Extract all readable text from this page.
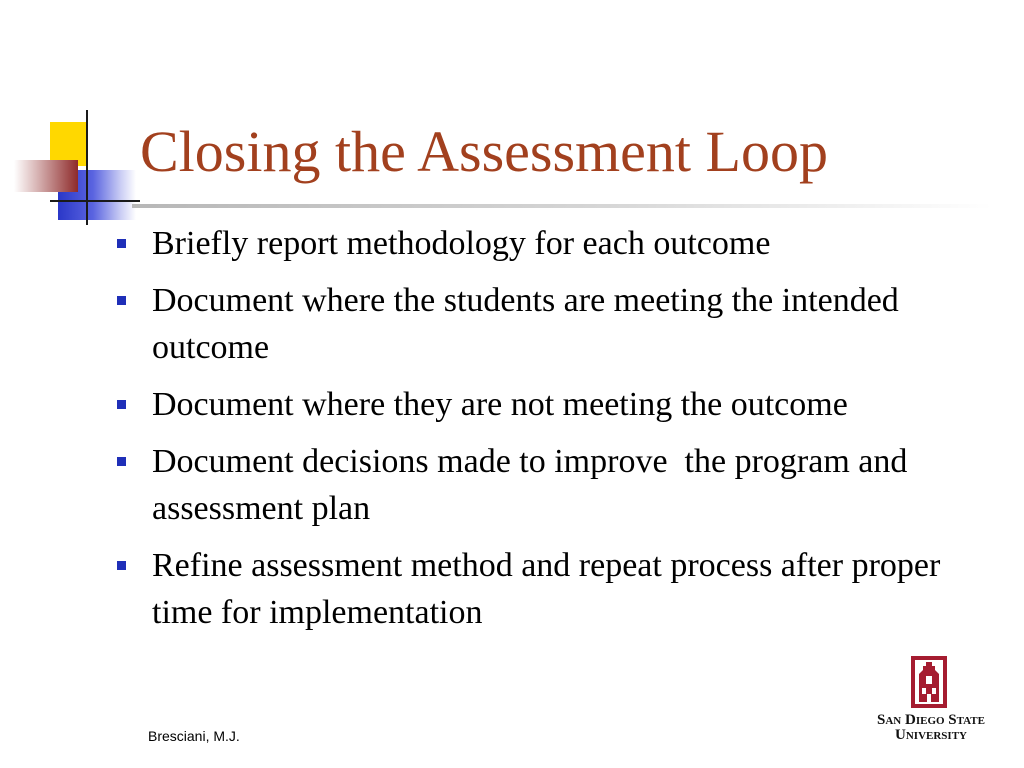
Closing the Assessment Loop
Briefly report methodology for each outcome
Document where the students are meeting the intended outcome
Document where they are not meeting the outcome
Document decisions made to improve  the program and assessment plan
Refine assessment method and repeat process after proper time for implementation
Bresciani, M.J.
San Diego State
University
